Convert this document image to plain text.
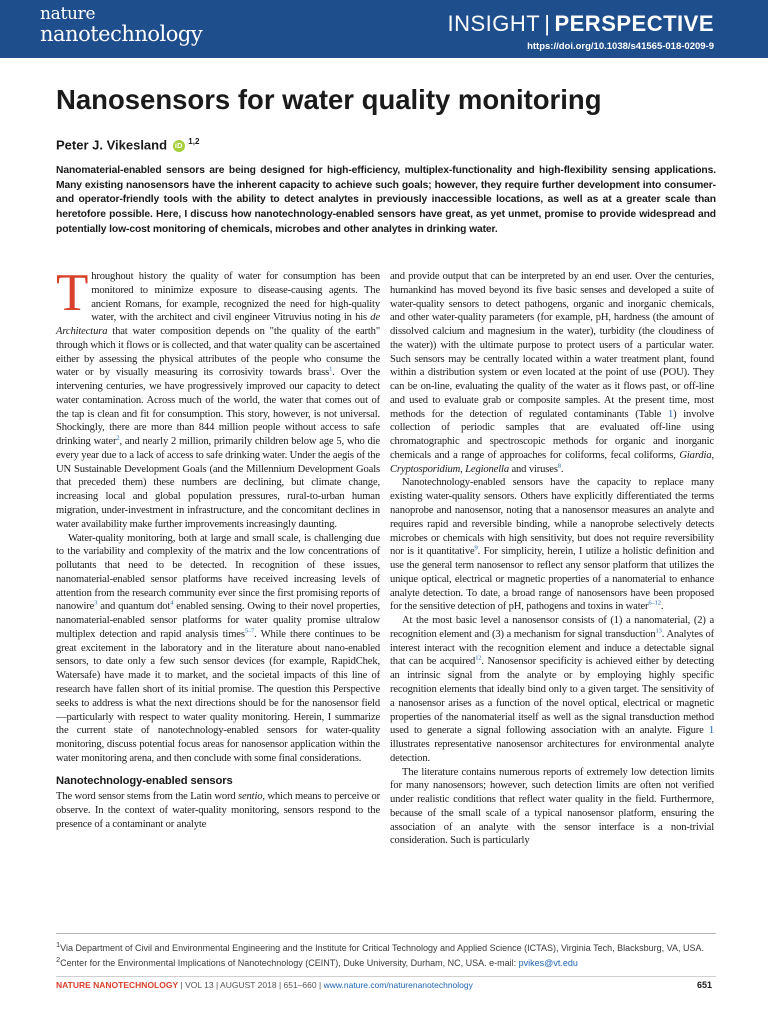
nature
nanotechnology	INSIGHT | PERSPECTIVE
https://doi.org/10.1038/s41565-018-0209-9
Nanosensors for water quality monitoring
Peter J. Vikesland iD $^{1,2}$

Nanomaterial-enabled sensors are being designed for high-efficiency, multiplex-functionality and high-flexibility sensing applications. Many existing nanosensors have the inherent capacity to achieve such goals; however, they require further development into consumer- and operator-friendly tools with the ability to detect analytes in previously inaccessible locations, as well as at a greater scale than heretofore possible. Here, I discuss how nanotechnology-enabled sensors have great, as yet unmet, promise to provide widespread and potentially low-cost monitoring of chemicals, microbes and other analytes in drinking water.

Throughout history the quality of water for consumption has been monitored to minimize exposure to disease-causing agents. The ancient Romans, for example, recognized the need for high-quality water, with the architect and civil engineer Vitruvius noting in his de Architectura that water composition depends on "the quality of the earth" through which it flows or is collected, and that water quality can be ascertained either by assessing the physical attributes of the people who consume the water or by visually measuring its corrosivity towards brass$^1$. Over the intervening centuries, we have progressively improved our capacity to detect water contamination. Across much of the world, the water that comes out of the tap is clean and fit for consumption. This story, however, is not universal. Shockingly, there are more than 844 million people without access to safe drinking water$^2$, and nearly 2 million, primarily children below age 5, who die every year due to a lack of access to safe drinking water. Under the aegis of the UN Sustainable Development Goals (and the Millennium Development Goals that preceded them) these numbers are declining, but climate change, increasing local and global population pressures, rural-to-urban human migration, under-investment in infrastructure, and the concomitant declines in water availability make further improvements increasingly daunting.

Water-quality monitoring, both at large and small scale, is challenging due to the variability and complexity of the matrix and the low concentrations of pollutants that need to be detected. In recognition of these issues, nanomaterial-enabled sensor platforms have received increasing levels of attention from the research community ever since the first promising reports of nanowire$^3$ and quantum dot$^4$ enabled sensing. Owing to their novel properties, nanomaterial-enabled sensor platforms for water quality promise ultralow multiplex detection and rapid analysis times$^{5-7}$. While there continues to be great excitement in the laboratory and in the literature about nano-enabled sensors, to date only a few such sensor devices (for example, RapidChek, Watersafe) have made it to market, and the societal impacts of this line of research have fallen short of its initial promise. The question this Perspective seeks to address is what the next directions should be for the nanosensor field—particularly with respect to water quality monitoring. Herein, I summarize the current state of nanotechnology-enabled sensors for water-quality monitoring, discuss potential focus areas for nanosensor application within the water monitoring arena, and then conclude with some final considerations.

Nanotechnology-enabled sensors

The word sensor stems from the Latin word sentio, which means to perceive or observe. In the context of water-quality monitoring, sensors respond to the presence of a contaminant or analyte

and provide output that can be interpreted by an end user. Over the centuries, humankind has moved beyond its five basic senses and developed a suite of water-quality sensors to detect pathogens, organic and inorganic chemicals, and other water-quality parameters (for example, pH, hardness (the amount of dissolved calcium and magnesium in the water), turbidity (the cloudiness of the water)) with the ultimate purpose to protect users of a particular water. Such sensors may be centrally located within a water treatment plant, found within a distribution system or even located at the point of use (POU). They can be on-line, evaluating the quality of the water as it flows past, or off-line and used to evaluate grab or composite samples. At the present time, most methods for the detection of regulated contaminants (Table 1) involve collection of periodic samples that are evaluated off-line using chromatographic and spectroscopic methods for organic and inorganic chemicals and a range of approaches for coliforms, fecal coliforms, Giardia, Cryptosporidium, Legionella and viruses$^8$.

Nanotechnology-enabled sensors have the capacity to replace many existing water-quality sensors. Others have explicitly differentiated the terms nanoprobe and nanosensor, noting that a nanosensor measures an analyte and requires rapid and reversible binding, while a nanoprobe selectively detects microbes or chemicals with high sensitivity, but does not require reversibility nor is it quantitative$^9$. For simplicity, herein, I utilize a holistic definition and use the general term nanosensor to reflect any sensor platform that utilizes the unique optical, electrical or magnetic properties of a nanomaterial to enhance analyte detection. To date, a broad range of nanosensors have been proposed for the sensitive detection of pH, pathogens and toxins in water$^{6-12}$.

At the most basic level a nanosensor consists of (1) a nanomaterial, (2) a recognition element and (3) a mechanism for signal transduction$^{13}$. Analytes of interest interact with the recognition element and induce a detectable signal that can be acquired$^{12}$. Nanosensor specificity is achieved either by detecting an intrinsic signal from the analyte or by employing highly specific recognition elements that ideally bind only to a given target. The sensitivity of a nanosensor arises as a function of the novel optical, electrical or magnetic properties of the nanomaterial itself as well as the signal transduction method used to generate a signal following association with an analyte. Figure 1 illustrates representative nanosensor architectures for environmental analyte detection.

The literature contains numerous reports of extremely low detection limits for many nanosensors; however, such detection limits are often not verified under realistic conditions that reflect water quality in the field. Furthermore, because of the small scale of a typical nanosensor platform, ensuring the association of an analyte with the sensor interface is a non-trivial consideration. Such is particularly

$^1$Via Department of Civil and Environmental Engineering and the Institute for Critical Technology and Applied Science (ICTAS), Virginia Tech, Blacksburg, VA, USA. $^2$Center for the Environmental Implications of Nanotechnology (CEINT), Duke University, Durham, NC, USA. e-mail: pvikes@vt.edu

NATURE NANOTECHNOLOGY | VOL 13 | AUGUST 2018 | 651–660 | www.nature.com/naturenanotechnology	651
